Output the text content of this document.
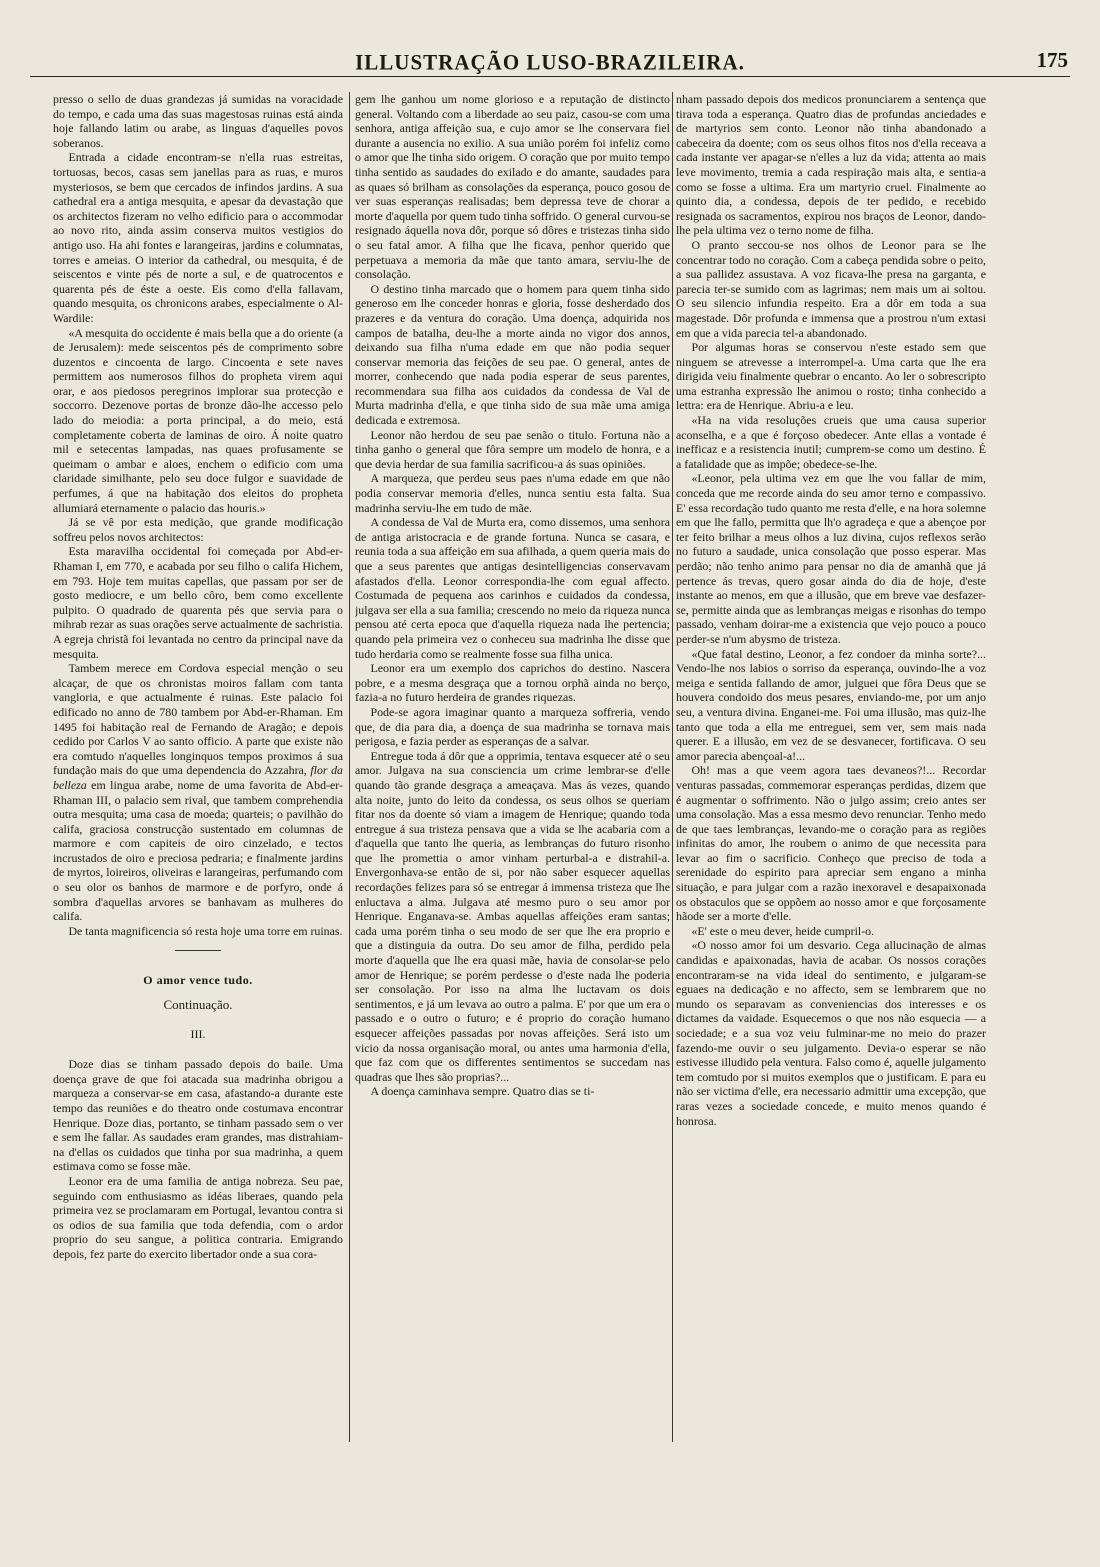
ILLUSTRAÇÃO LUSO-BRAZILEIRA.	175

presso o sello de duas grandezas já sumidas na voracidade do tempo, e cada uma das suas magestosas ruinas está ainda hoje fallando latim ou arabe, as linguas d'aquelles povos soberanos.

Entrada a cidade encontram-se n'ella ruas estreitas, tortuosas, becos, casas sem janellas para as ruas, e muros mysteriosos, se bem que cercados de infindos jardins. A sua cathedral era a antiga mesquita, e apesar da devastação que os architectos fizeram no velho edificio para o accommodar ao novo rito, ainda assim conserva muitos vestigios do antigo uso. Ha ahi fontes e larangeiras, jardins e columnatas, torres e ameias. O interior da cathedral, ou mesquita, é de seiscentos e vinte pés de norte a sul, e de quatrocentos e quarenta pés de éste a oeste. Eis como d'ella fallavam, quando mesquita, os chronicons arabes, especialmente o Al-Wardile:

«A mesquita do occidente é mais bella que a do oriente (a de Jerusalem): mede seiscentos pés de comprimento sobre duzentos e cincoenta de largo. Cincoenta e sete naves permittem aos numerosos filhos do propheta virem aqui orar, e aos piedosos peregrinos implorar sua protecção e soccorro. Dezenove portas de bronze dão-lhe accesso pelo lado do meiodia: a porta principal, a do meio, está completamente coberta de laminas de oiro. Á noite quatro mil e setecentas lampadas, nas quaes profusamente se queimam o ambar e aloes, enchem o edificio com uma claridade similhante, pelo seu doce fulgor e suavidade de perfumes, á que na habitação dos eleitos do propheta allumiará eternamente o palacio das houris.»

Já se vê por esta medição, que grande modificação soffreu pelos novos architectos:

Esta maravilha occidental foi começada por Abd-er-Rhaman I, em 770, e acabada por seu filho o califa Hichem, em 793. Hoje tem muitas capellas, que passam por ser de gosto mediocre, e um bello côro, bem como excellente pulpito. O quadrado de quarenta pés que servia para o mihrab rezar as suas orações serve actualmente de sachristia. A egreja christã foi levantada no centro da principal nave da mesquita.

Tambem merece em Cordova especial menção o seu alcaçar, de que os chronistas moiros fallam com tanta vangloria, e que actualmente é ruinas. Este palacio foi edificado no anno de 780 tambem por Abd-er-Rhaman. Em 1495 foi habitação real de Fernando de Aragão; e depois cedido por Carlos V ao santo officio. A parte que existe não era comtudo n'aquelles longinquos tempos proximos á sua fundação mais do que uma dependencia do Azzahra, flor da belleza em lingua arabe, nome de uma favorita de Abd-er-Rhaman III, o palacio sem rival, que tambem comprehendia outra mesquita; uma casa de moeda; quarteis; o pavilhão do califa, graciosa construcção sustentado em columnas de marmore e com capiteis de oiro cinzelado, e tectos incrustados de oiro e preciosa pedraria; e finalmente jardins de myrtos, loireiros, oliveiras e larangeiras, perfumando com o seu olor os banhos de marmore e de porfyro, onde á sombra d'aquellas arvores se banhavam as mulheres do califa.

De tanta magnificencia só resta hoje uma torre em ruinas.

O amor vence tudo.
Continuação.
III.

Doze dias se tinham passado depois do baile. Uma doença grave de que foi atacada sua madrinha obrigou a marqueza a conservar-se em casa, afastando-a durante este tempo das reuniões e do theatro onde costumava encontrar Henrique. Doze dias, portanto, se tinham passado sem o ver e sem lhe fallar. As saudades eram grandes, mas distrahiam-na d'ellas os cuidados que tinha por sua madrinha, a quem estimava como se fosse mãe.

Leonor era de uma familia de antiga nobreza. Seu pae, seguindo com enthusiasmo as idéas liberaes, quando pela primeira vez se proclamaram em Portugal, levantou contra si os odios de sua familia que toda defendia, com o ardor proprio do seu sangue, a politica contraria. Emigrando depois, fez parte do exercito libertador onde a sua cora-

gem lhe ganhou um nome glorioso e a reputação de distincto general. Voltando com a liberdade ao seu paiz, casou-se com uma senhora, antiga affeição sua, e cujo amor se lhe conservara fiel durante a ausencia no exilio. A sua união porém foi infeliz como o amor que lhe tinha sido origem. O coração que por muito tempo tinha sentido as saudades do exilado e do amante, saudades para as quaes só brilham as consolações da esperança, pouco gosou de ver suas esperanças realisadas; bem depressa teve de chorar a morte d'aquella por quem tudo tinha soffrido. O general curvou-se resignado áquella nova dôr, porque só dôres e tristezas tinha sido o seu fatal amor. A filha que lhe ficava, penhor querido que perpetuava a memoria da mãe que tanto amara, serviu-lhe de consolação.

O destino tinha marcado que o homem para quem tinha sido generoso em lhe conceder honras e gloria, fosse desherdado dos prazeres e da ventura do coração. Uma doença, adquirida nos campos de batalha, deu-lhe a morte ainda no vigor dos annos, deixando sua filha n'uma edade em que não podia sequer conservar memoria das feições de seu pae. O general, antes de morrer, conhecendo que nada podia esperar de seus parentes, recommendara sua filha aos cuidados da condessa de Val de Murta madrinha d'ella, e que tinha sido de sua mãe uma amiga dedicada e extremosa.

Leonor não herdou de seu pae senão o titulo. Fortuna não a tinha ganho o general que fôra sempre um modelo de honra, e a que devia herdar de sua familia sacrificou-a ás suas opiniões.

A marqueza, que perdeu seus paes n'uma edade em que não podia conservar memoria d'elles, nunca sentiu esta falta. Sua madrinha serviu-lhe em tudo de mãe.

A condessa de Val de Murta era, como dissemos, uma senhora de antiga aristocracia e de grande fortuna. Nunca se casara, e reunia toda a sua affeição em sua afilhada, a quem queria mais do que a seus parentes que antigas desintelligencias conservavam afastados d'ella. Leonor correspondia-lhe com egual affecto. Costumada de pequena aos carinhos e cuidados da condessa, julgava ser ella a sua familia; crescendo no meio da riqueza nunca pensou até certa epoca que d'aquella riqueza nada lhe pertencia; quando pela primeira vez o conheceu sua madrinha lhe disse que tudo herdaria como se realmente fosse sua filha unica.

Leonor era um exemplo dos caprichos do destino. Nascera pobre, e a mesma desgraça que a tornou orphã ainda no berço, fazia-a no futuro herdeira de grandes riquezas.

Pode-se agora imaginar quanto a marqueza soffreria, vendo que, de dia para dia, a doença de sua madrinha se tornava mais perigosa, e fazia perder as esperanças de a salvar.

Entregue toda á dôr que a opprimia, tentava esquecer até o seu amor. Julgava na sua consciencia um crime lembrar-se d'elle quando tão grande desgraça a ameaçava. Mas ás vezes, quando alta noite, junto do leito da condessa, os seus olhos se queriam fitar nos da doente só viam a imagem de Henrique; quando toda entregue á sua tristeza pensava que a vida se lhe acabaria com a d'aquella que tanto lhe queria, as lembranças do futuro risonho que lhe promettia o amor vinham perturbal-a e distrahil-a. Envergonhava-se então de si, por não saber esquecer aquellas recordações felizes para só se entregar á immensa tristeza que lhe enluctava a alma. Julgava até mesmo puro o seu amor por Henrique. Enganava-se. Ambas aquellas affeições eram santas; cada uma porém tinha o seu modo de ser que lhe era proprio e que a distinguia da outra. Do seu amor de filha, perdido pela morte d'aquella que lhe era quasi mãe, havia de consolar-se pelo amor de Henrique; se porém perdesse o d'este nada lhe poderia ser consolação. Por isso na alma lhe luctavam os dois sentimentos, e já um levava ao outro a palma. E' por que um era o passado e o outro o futuro; e é proprio do coração humano esquecer affeições passadas por novas affeições. Será isto um vicio da nossa organisação moral, ou antes uma harmonia d'ella, que faz com que os differentes sentimentos se succedam nas quadras que lhes são proprias?...

A doença caminhava sempre. Quatro dias se ti-

nham passado depois dos medicos pronunciarem a sentença que tirava toda a esperança. Quatro dias de profundas anciedades e de martyrios sem conto. Leonor não tinha abandonado a cabeceira da doente; com os seus olhos fitos nos d'ella receava a cada instante ver apagar-se n'elles a luz da vida; attenta ao mais leve movimento, tremia a cada respiração mais alta, e sentia-a como se fosse a ultima. Era um martyrio cruel. Finalmente ao quinto dia, a condessa, depois de ter pedido, e recebido resignada os sacramentos, expirou nos braços de Leonor, dando-lhe pela ultima vez o terno nome de filha.

O pranto seccou-se nos olhos de Leonor para se lhe concentrar todo no coração. Com a cabeça pendida sobre o peito, a sua pallidez assustava. A voz ficava-lhe presa na garganta, e parecia ter-se sumido com as lagrimas; nem mais um ai soltou. O seu silencio infundia respeito. Era a dôr em toda a sua magestade. Dôr profunda e immensa que a prostrou n'um extasi em que a vida parecia tel-a abandonado.

Por algumas horas se conservou n'este estado sem que ninguem se atrevesse a interrompel-a. Uma carta que lhe era dirigida veiu finalmente quebrar o encanto. Ao ler o sobrescripto uma estranha expressão lhe animou o rosto; tinha conhecido a lettra: era de Henrique. Abriu-a e leu.

«Ha na vida resoluções crueis que uma causa superior aconselha, e a que é forçoso obedecer. Ante ellas a vontade é inefficaz e a resistencia inutil; cumprem-se como um destino. É a fatalidade que as impõe; obedece-se-lhe.

«Leonor, pela ultima vez em que lhe vou fallar de mim, conceda que me recorde ainda do seu amor terno e compassivo. E' essa recordação tudo quanto me resta d'elle, e na hora solemne em que lhe fallo, permitta que lh'o agradeça e que a abençoe por ter feito brilhar a meus olhos a luz divina, cujos reflexos serão no futuro a saudade, unica consolação que posso esperar. Mas perdão; não tenho animo para pensar no dia de amanhã que já pertence ás trevas, quero gosar ainda do dia de hoje, d'este instante ao menos, em que a illusão, que em breve vae desfazer-se, permitte ainda que as lembranças meigas e risonhas do tempo passado, venham doirar-me a existencia que vejo pouco a pouco perder-se n'um abysmo de tristeza.

«Que fatal destino, Leonor, a fez condoer da minha sorte?... Vendo-lhe nos labios o sorriso da esperança, ouvindo-lhe a voz meiga e sentida fallando de amor, julguei que fôra Deus que se houvera condoido dos meus pesares, enviando-me, por um anjo seu, a ventura divina. Enganei-me. Foi uma illusão, mas quiz-lhe tanto que toda a ella me entreguei, sem ver, sem mais nada querer. E a illusão, em vez de se desvanecer, fortificava. O seu amor parecia abençoal-a!...

Oh! mas a que veem agora taes devaneos?!... Recordar venturas passadas, commemorar esperanças perdidas, dizem que é augmentar o soffrimento. Não o julgo assim; creio antes ser uma consolação. Mas a essa mesmo devo renunciar. Tenho medo de que taes lembranças, levando-me o coração para as regiões infinitas do amor, lhe roubem o animo de que necessita para levar ao fim o sacrificio. Conheço que preciso de toda a serenidade do espirito para apreciar sem engano a minha situação, e para julgar com a razão inexoravel e desapaixonada os obstaculos que se oppõem ao nosso amor e que forçosamente hãode ser a morte d'elle.

«E' este o meu dever, heide cumpril-o.

«O nosso amor foi um desvario. Cega allucinação de almas candidas e apaixonadas, havia de acabar. Os nossos corações encontraram-se na vida ideal do sentimento, e julgaram-se eguaes na dedicação e no affecto, sem se lembrarem que no mundo os separavam as conveniencias dos interesses e os dictames da vaidade. Esquecemos o que nos não esquecia — a sociedade; e a sua voz veiu fulminar-me no meio do prazer fazendo-me ouvir o seu julgamento. Devia-o esperar se não estivesse illudido pela ventura. Falso como é, aquelle julgamento tem comtudo por si muitos exemplos que o justificam. E para eu não ser victima d'elle, era necessario admittir uma excepção, que raras vezes a sociedade concede, e muito menos quando é honrosa.
